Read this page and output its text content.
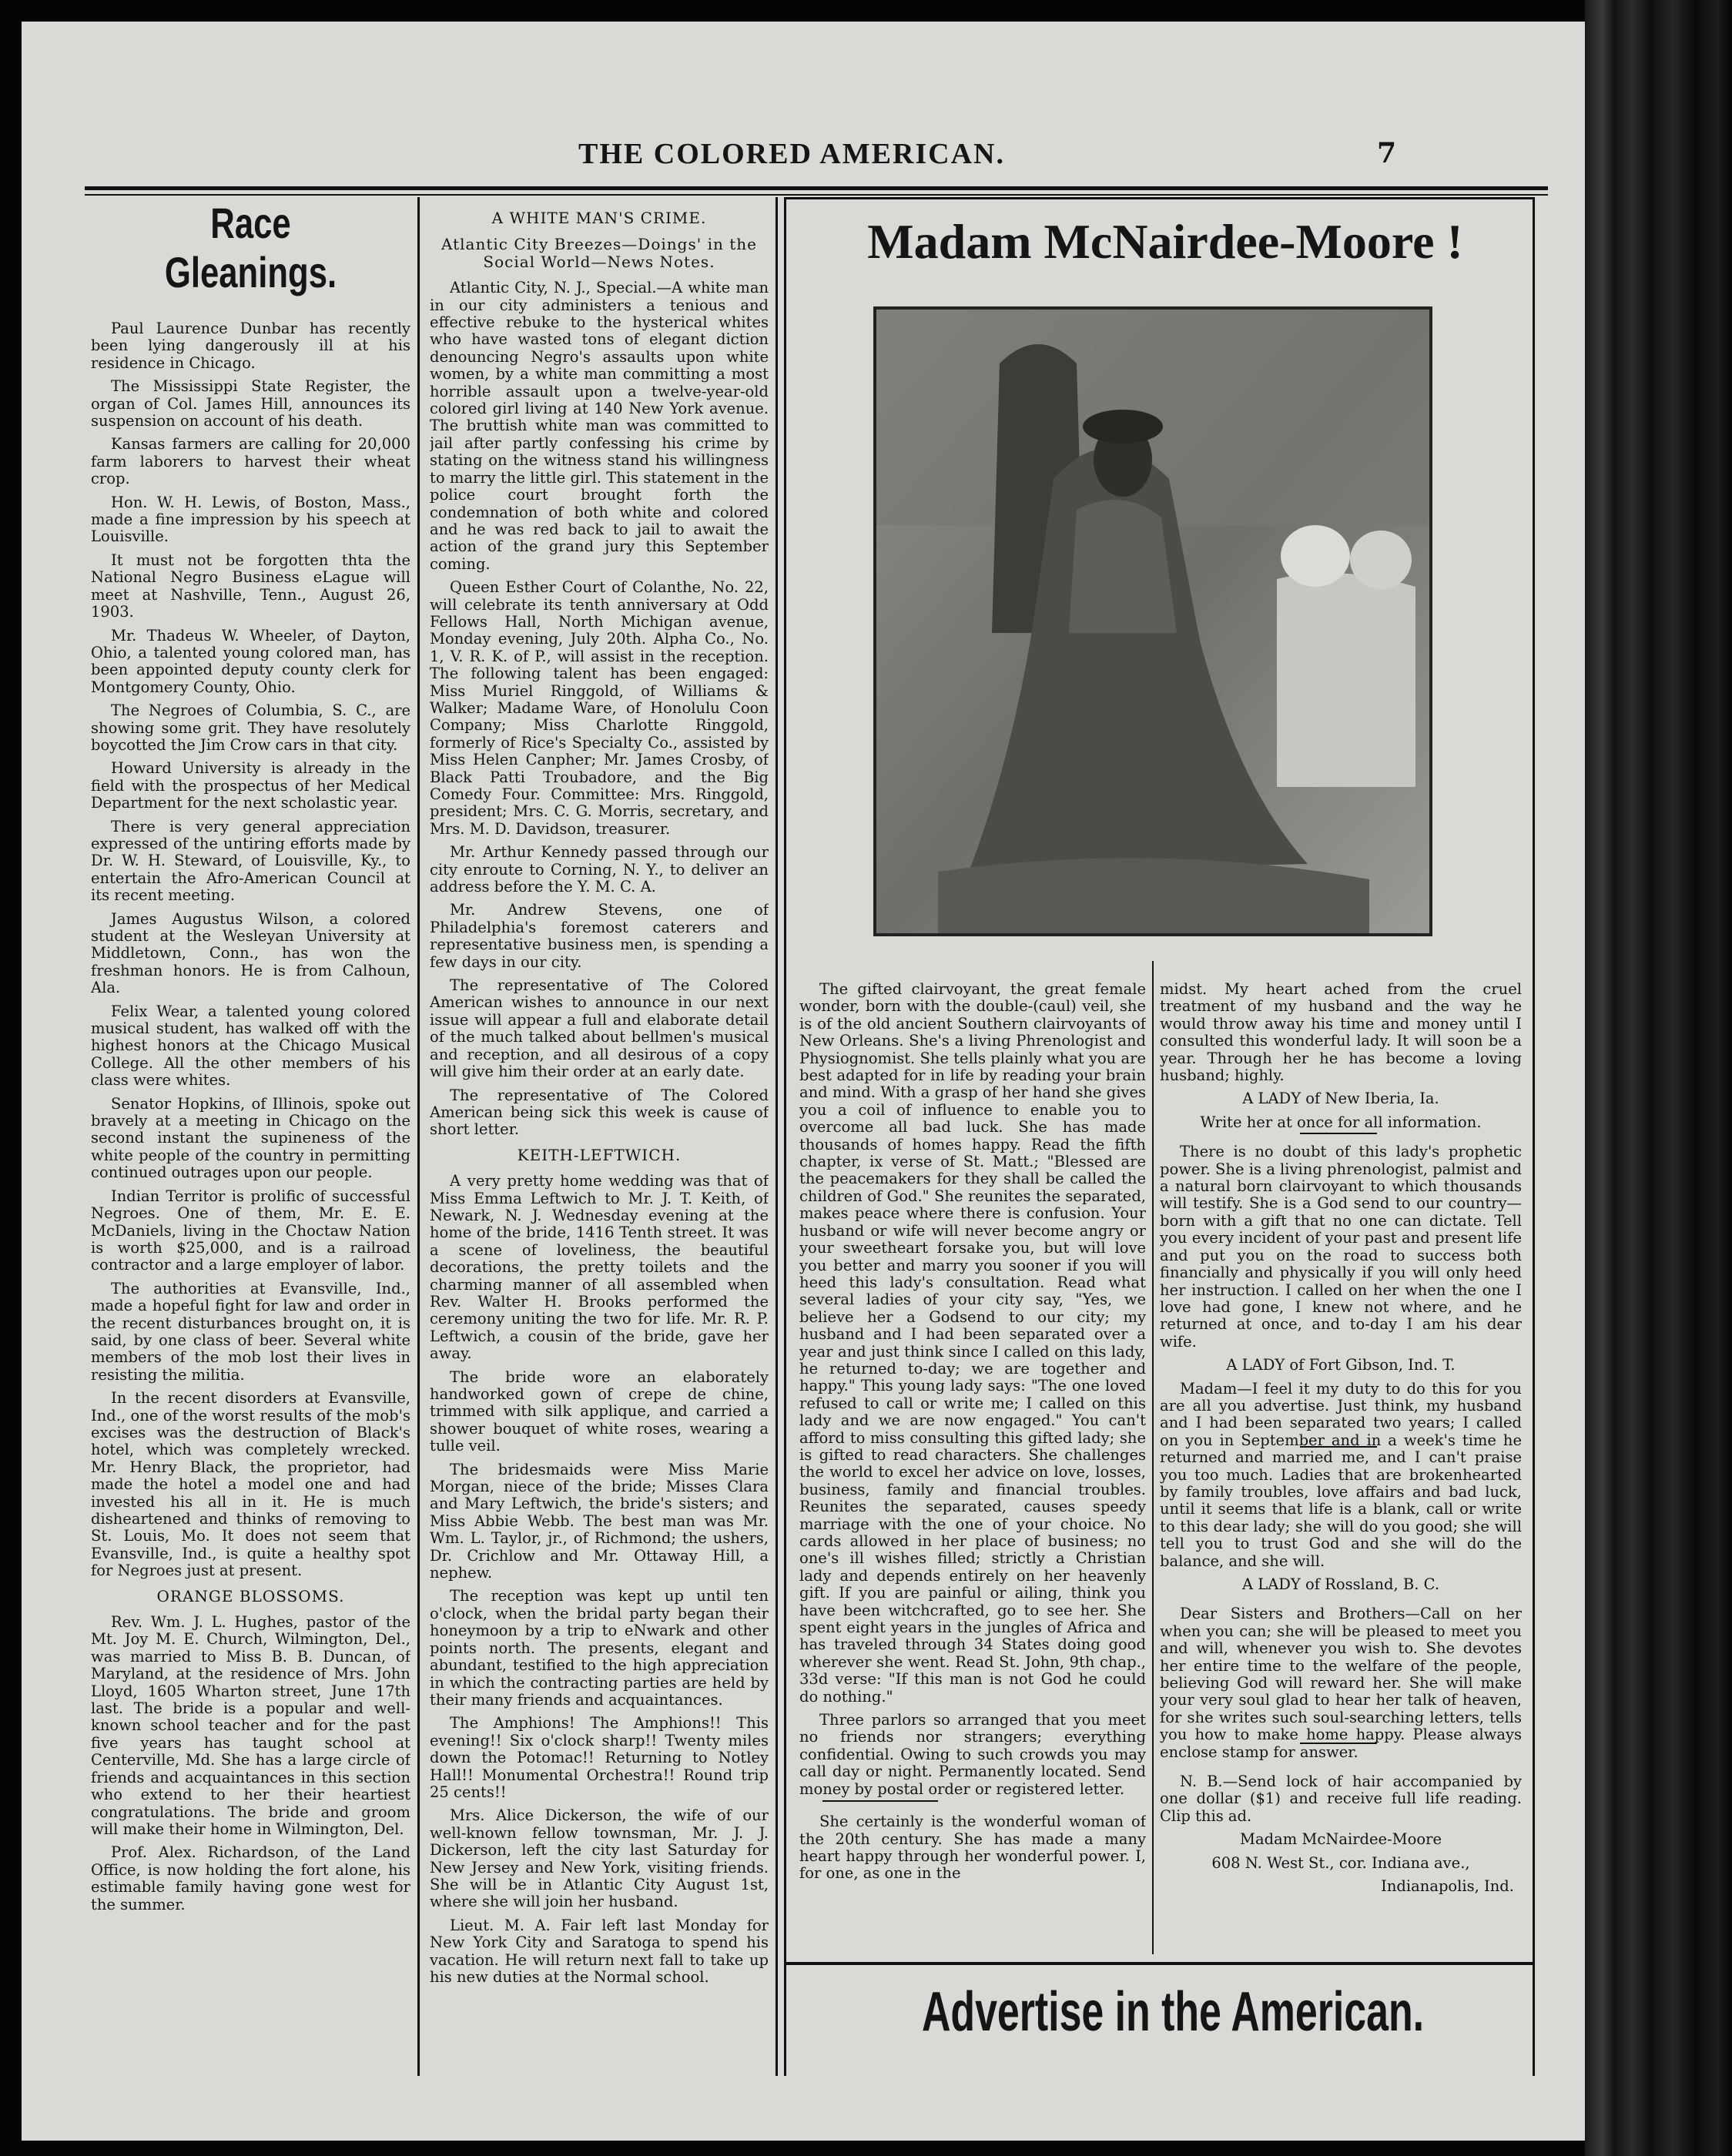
THE COLORED AMERICAN.	7
Race Gleanings.

Paul Laurence Dunbar has recently been lying dangerously ill at his residence in Chicago.

The Mississippi State Register, the organ of Col. James Hill, announces its suspension on account of his death.

Kansas farmers are calling for 20,000 farm laborers to harvest their wheat crop.

Hon. W. H. Lewis, of Boston, Mass., made a fine impression by his speech at Louisville.

It must not be forgotten thta the National Negro Business eLague will meet at Nashville, Tenn., August 26, 1903.

Mr. Thadeus W. Wheeler, of Dayton, Ohio, a talented young colored man, has been appointed deputy county clerk for Montgomery County, Ohio.

The Negroes of Columbia, S. C., are showing some grit. They have resolutely boycotted the Jim Crow cars in that city.

Howard University is already in the field with the prospectus of her Medical Department for the next scholastic year.

There is very general appreciation expressed of the untiring efforts made by Dr. W. H. Steward, of Louisville, Ky., to entertain the Afro-American Council at its recent meeting.

James Augustus Wilson, a colored student at the Wesleyan University at Middletown, Conn., has won the freshman honors. He is from Calhoun, Ala.

Felix Wear, a talented young colored musical student, has walked off with the highest honors at the Chicago Musical College. All the other members of his class were whites.

Senator Hopkins, of Illinois, spoke out bravely at a meeting in Chicago on the second instant the supineness of the white people of the country in permitting continued outrages upon our people.

Indian Territor is prolific of successful Negroes. One of them, Mr. E. E. McDaniels, living in the Choctaw Nation is worth $25,000, and is a railroad contractor and a large employer of labor.

The authorities at Evansville, Ind., made a hopeful fight for law and order in the recent disturbances brought on, it is said, by one class of beer. Several white members of the mob lost their lives in resisting the militia.

In the recent disorders at Evansville, Ind., one of the worst results of the mob's excises was the destruction of Black's hotel, which was completely wrecked. Mr. Henry Black, the proprietor, had made the hotel a model one and had invested his all in it. He is much disheartened and thinks of removing to St. Louis, Mo. It does not seem that Evansville, Ind., is quite a healthy spot for Negroes just at present.

ORANGE BLOSSOMS.

Rev. Wm. J. L. Hughes, pastor of the Mt. Joy M. E. Church, Wilmington, Del., was married to Miss B. B. Duncan, of Maryland, at the residence of Mrs. John Lloyd, 1605 Wharton street, June 17th last. The bride is a popular and well-known school teacher and for the past five years has taught school at Centerville, Md. She has a large circle of friends and acquaintances in this section who extend to her their heartiest congratulations. The bride and groom will make their home in Wilmington, Del.

Prof. Alex. Richardson, of the Land Office, is now holding the fort alone, his estimable family having gone west for the summer.

A WHITE MAN'S CRIME.

Atlantic City Breezes—Doings' in the Social World—News Notes.

Atlantic City, N. J., Special.—A white man in our city administers a tenious and effective rebuke to the hysterical whites who have wasted tons of elegant diction denouncing Negro's assaults upon white women, by a white man committing a most horrible assault upon a twelve-year-old colored girl living at 140 New York avenue. The bruttish white man was committed to jail after partly confessing his crime by stating on the witness stand his willingness to marry the little girl. This statement in the police court brought forth the condemnation of both white and colored and he was red back to jail to await the action of the grand jury this September coming.

Queen Esther Court of Colanthe, No. 22, will celebrate its tenth anniversary at Odd Fellows Hall, North Michigan avenue, Monday evening, July 20th. Alpha Co., No. 1, V. R. K. of P., will assist in the reception. The following talent has been engaged: Miss Muriel Ringgold, of Williams & Walker; Madame Ware, of Honolulu Coon Company; Miss Charlotte Ringgold, formerly of Rice's Specialty Co., assisted by Miss Helen Canpher; Mr. James Crosby, of Black Patti Troubadore, and the Big Comedy Four. Committee: Mrs. Ringgold, president; Mrs. C. G. Morris, secretary, and Mrs. M. D. Davidson, treasurer.

Mr. Arthur Kennedy passed through our city enroute to Corning, N. Y., to deliver an address before the Y. M. C. A.

Mr. Andrew Stevens, one of Philadelphia's foremost caterers and representative business men, is spending a few days in our city.

The representative of The Colored American wishes to announce in our next issue will appear a full and elaborate detail of the much talked about bellmen's musical and reception, and all desirous of a copy will give him their order at an early date.

The representative of The Colored American being sick this week is cause of short letter.

KEITH-LEFTWICH.

A very pretty home wedding was that of Miss Emma Leftwich to Mr. J. T. Keith, of Newark, N. J. Wednesday evening at the home of the bride, 1416 Tenth street. It was a scene of loveliness, the beautiful decorations, the pretty toilets and the charming manner of all assembled when Rev. Walter H. Brooks performed the ceremony uniting the two for life. Mr. R. P. Leftwich, a cousin of the bride, gave her away.

The bride wore an elaborately handworked gown of crepe de chine, trimmed with silk applique, and carried a shower bouquet of white roses, wearing a tulle veil.

The bridesmaids were Miss Marie Morgan, niece of the bride; Misses Clara and Mary Leftwich, the bride's sisters; and Miss Abbie Webb. The best man was Mr. Wm. L. Taylor, jr., of Richmond; the ushers, Dr. Crichlow and Mr. Ottaway Hill, a nephew.

The reception was kept up until ten o'clock, when the bridal party began their honeymoon by a trip to eNwark and other points north. The presents, elegant and abundant, testified to the high appreciation in which the contracting parties are held by their many friends and acquaintances.

The Amphions! The Amphions!! This evening!! Six o'clock sharp!! Twenty miles down the Potomac!! Returning to Notley Hall!! Monumental Orchestra!! Round trip 25 cents!!

Mrs. Alice Dickerson, the wife of our well-known fellow townsman, Mr. J. J. Dickerson, left the city last Saturday for New Jersey and New York, visiting friends. She will be in Atlantic City August 1st, where she will join her husband.

Lieut. M. A. Fair left last Monday for New York City and Saratoga to spend his vacation. He will return next fall to take up his new duties at the Normal school.

Madam McNairdee-Moore !

The gifted clairvoyant, the great female wonder, born with the double-(caul) veil, she is of the old ancient Southern clairvoyants of New Orleans. She's a living Phrenologist and Physiognomist. She tells plainly what you are best adapted for in life by reading your brain and mind. With a grasp of her hand she gives you a coil of influence to enable you to overcome all bad luck. She has made thousands of homes happy. Read the fifth chapter, ix verse of St. Matt.; "Blessed are the peacemakers for they shall be called the children of God." She reunites the separated, makes peace where there is confusion. Your husband or wife will never become angry or your sweetheart forsake you, but will love you better and marry you sooner if you will heed this lady's consultation. Read what several ladies of your city say, "Yes, we believe her a Godsend to our city; my husband and I had been separated over a year and just think since I called on this lady, he returned to-day; we are together and happy." This young lady says: "The one loved refused to call or write me; I called on this lady and we are now engaged." You can't afford to miss consulting this gifted lady; she is gifted to read characters. She challenges the world to excel her advice on love, losses, business, family and financial troubles. Reunites the separated, causes speedy marriage with the one of your choice. No cards allowed in her place of business; no one's ill wishes filled; strictly a Christian lady and depends entirely on her heavenly gift. If you are painful or ailing, think you have been witchcrafted, go to see her. She spent eight years in the jungles of Africa and has traveled through 34 States doing good wherever she went. Read St. John, 9th chap., 33d verse: "If this man is not God he could do nothing."

Three parlors so arranged that you meet no friends nor strangers; everything confidential. Owing to such crowds you may call day or night. Permanently located. Send money by postal order or registered letter.

She certainly is the wonderful woman of the 20th century. She has made a many heart happy through her wonderful power. I, for one, as one in the

midst. My heart ached from the cruel treatment of my husband and the way he would throw away his time and money until I consulted this wonderful lady. It will soon be a year. Through her he has become a loving husband; highly.

A LADY of New Iberia, Ia.

Write her at once for all information.

There is no doubt of this lady's prophetic power. She is a living phrenologist, palmist and a natural born clairvoyant to which thousands will testify. She is a God send to our country—born with a gift that no one can dictate. Tell you every incident of your past and present life and put you on the road to success both financially and physically if you will only heed her instruction. I called on her when the one I love had gone, I knew not where, and he returned at once, and to-day I am his dear wife.

A LADY of Fort Gibson, Ind. T.

Madam—I feel it my duty to do this for you are all you advertise. Just think, my husband and I had been separated two years; I called on you in September and in a week's time he returned and married me, and I can't praise you too much. Ladies that are brokenhearted by family troubles, love affairs and bad luck, until it seems that life is a blank, call or write to this dear lady; she will do you good; she will tell you to trust God and she will do the balance, and she will.

A LADY of Rossland, B. C.

Dear Sisters and Brothers—Call on her when you can; she will be pleased to meet you and will, whenever you wish to. She devotes her entire time to the welfare of the people, believing God will reward her. She will make your very soul glad to hear her talk of heaven, for she writes such soul-searching letters, tells you how to make home happy. Please always enclose stamp for answer.

N. B.—Send lock of hair accompanied by one dollar ($1) and receive full life reading. Clip this ad.

Madam McNairdee-Moore

608 N. West St., cor. Indiana ave.,

Indianapolis, Ind.

Advertise in the American.
